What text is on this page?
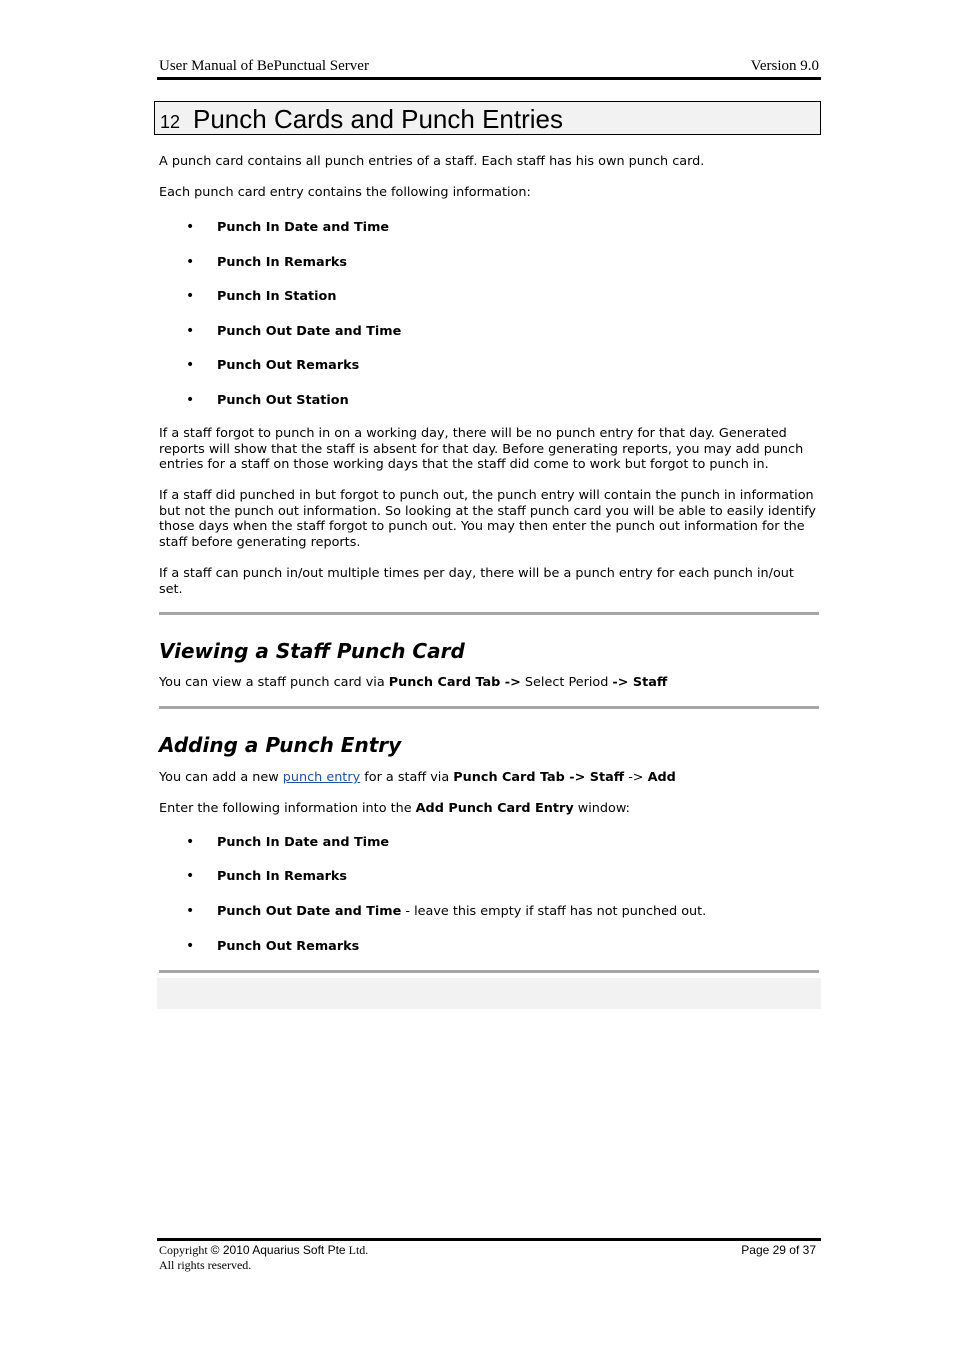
User Manual of BePunctual Server	Version 9.0
12 Punch Cards and Punch Entries
A punch card contains all punch entries of a staff. Each staff has his own punch card.
Each punch card entry contains the following information:
• Punch In Date and Time
• Punch In Remarks
• Punch In Station
• Punch Out Date and Time
• Punch Out Remarks
• Punch Out Station
If a staff forgot to punch in on a working day, there will be no punch entry for that day. Generated reports will show that the staff is absent for that day. Before generating reports, you may add punch entries for a staff on those working days that the staff did come to work but forgot to punch in.
If a staff did punched in but forgot to punch out, the punch entry will contain the punch in information but not the punch out information. So looking at the staff punch card you will be able to easily identify those days when the staff forgot to punch out. You may then enter the punch out information for the staff before generating reports.
If a staff can punch in/out multiple times per day, there will be a punch entry for each punch in/out set.
Viewing a Staff Punch Card
You can view a staff punch card via Punch Card Tab -> Select Period -> Staff
Adding a Punch Entry
You can add a new punch entry for a staff via Punch Card Tab -> Staff -> Add
Enter the following information into the Add Punch Card Entry window:
• Punch In Date and Time
• Punch In Remarks
• Punch Out Date and Time - leave this empty if staff has not punched out.
• Punch Out Remarks
Copyright © 2010 Aquarius Soft Pte Ltd.
All rights reserved.
Page 29 of 37
